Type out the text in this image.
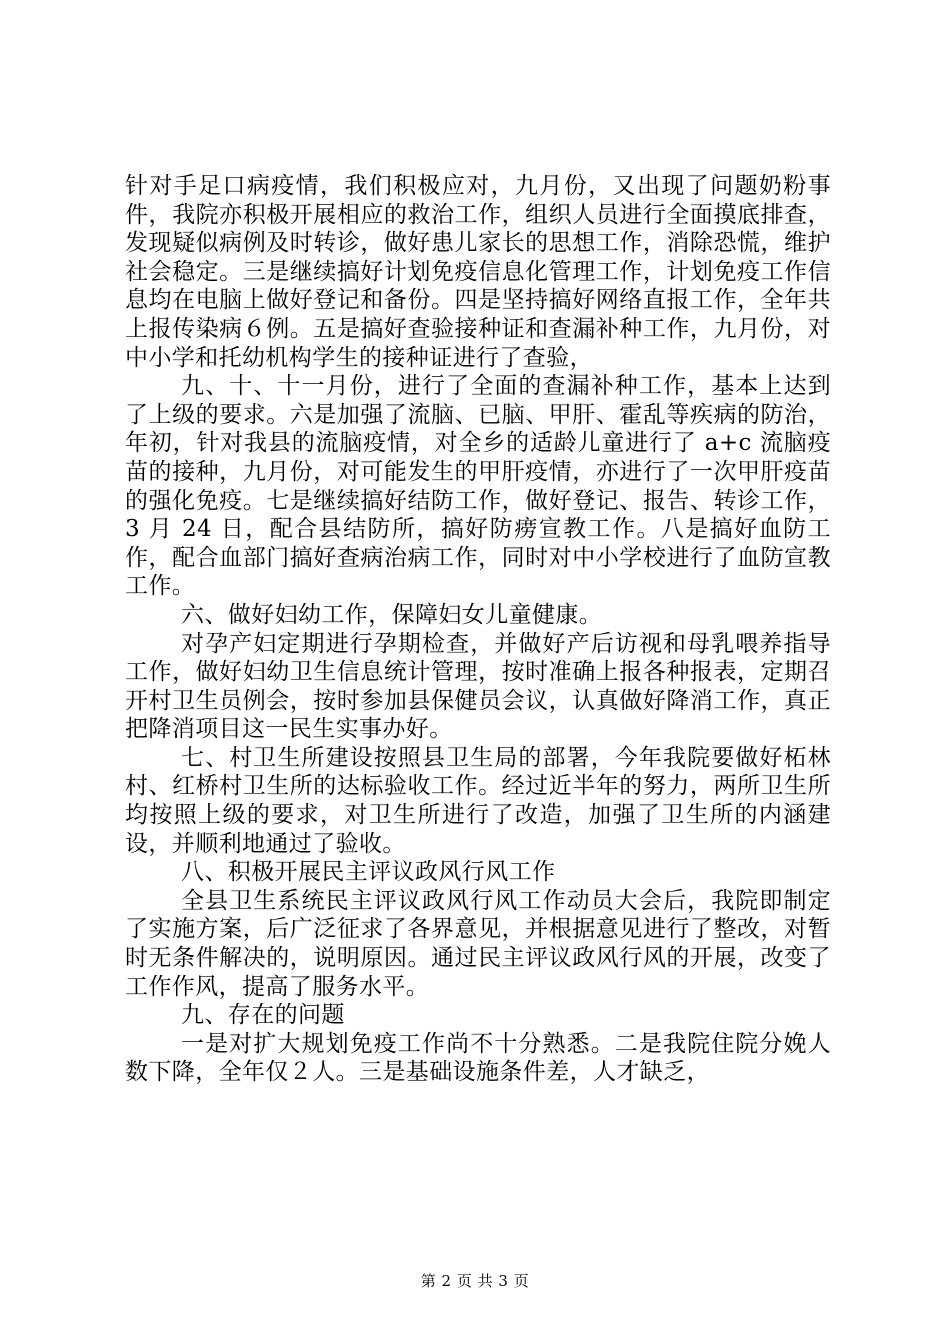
针对手足口病疫情，我们积极应对，九月份，又出现了问题奶粉事件，我院亦积极开展相应的救治工作，组织人员进行全面摸底排查，发现疑似病例及时转诊，做好患儿家长的思想工作，消除恐慌，维护社会稳定。三是继续搞好计划免疫信息化管理工作，计划免疫工作信息均在电脑上做好登记和备份。四是坚持搞好网络直报工作，全年共上报传染病６例。五是搞好查验接种证和查漏补种工作，九月份，对中小学和托幼机构学生的接种证进行了查验，

九、十、十一月份，进行了全面的查漏补种工作，基本上达到了上级的要求。六是加强了流脑、已脑、甲肝、霍乱等疾病的防治，年初，针对我县的流脑疫情，对全乡的适龄儿童进行了 a+c 流脑疫苗的接种，九月份，对可能发生的甲肝疫情，亦进行了一次甲肝疫苗的强化免疫。七是继续搞好结防工作，做好登记、报告、转诊工作，3 月 24 日，配合县结防所，搞好防痨宣教工作。八是搞好血防工作，配合血部门搞好查病治病工作，同时对中小学校进行了血防宣教工作。

六、做好妇幼工作，保障妇女儿童健康。

对孕产妇定期进行孕期检查，并做好产后访视和母乳喂养指导工作，做好妇幼卫生信息统计管理，按时准确上报各种报表，定期召开村卫生员例会，按时参加县保健员会议，认真做好降消工作，真正把降消项目这一民生实事办好。

七、村卫生所建设按照县卫生局的部署，今年我院要做好柘林村、红桥村卫生所的达标验收工作。经过近半年的努力，两所卫生所均按照上级的要求，对卫生所进行了改造，加强了卫生所的内涵建设，并顺利地通过了验收。

八、积极开展民主评议政风行风工作

全县卫生系统民主评议政风行风工作动员大会后，我院即制定了实施方案，后广泛征求了各界意见，并根据意见进行了整改，对暂时无条件解决的，说明原因。通过民主评议政风行风的开展，改变了工作作风，提高了服务水平。

九、存在的问题

一是对扩大规划免疫工作尚不十分熟悉。二是我院住院分娩人数下降，全年仅２人。三是基础设施条件差，人才缺乏，

第 2 页 共 3 页
